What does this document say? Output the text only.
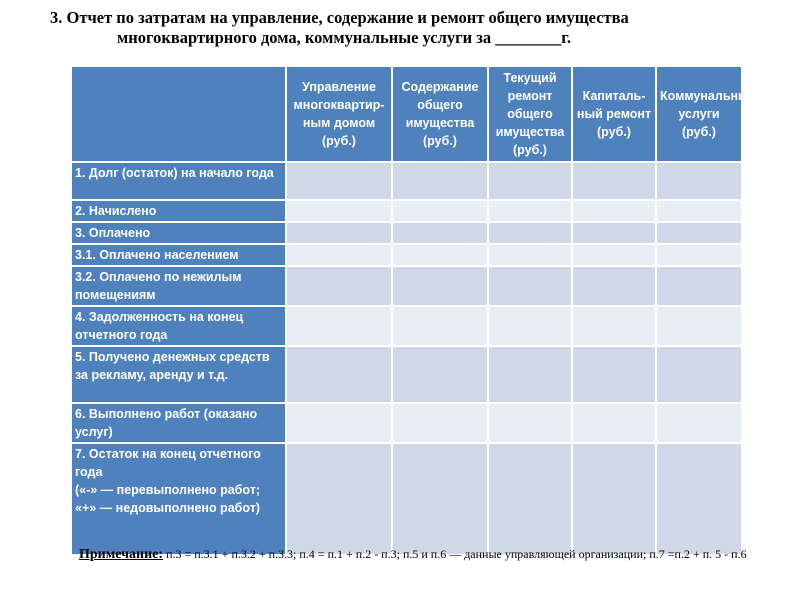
3. Отчет по затратам на управление, содержание и ремонт общего имущества
многоквартирного дома, коммунальные услуги за ________г.
	Управление многоквартир-ным домом (руб.)	Содержание общего имущества (руб.)	Текущий ремонт общего имущества (руб.)	Капиталь-ный ремонт (руб.)	Коммунальные услуги (руб.)
1. Долг (остаток) на начало года					
2. Начислено					
3. Оплачено					
3.1. Оплачено населением					
3.2. Оплачено по нежилым помещениям					
4. Задолженность на конец отчетного года					
5. Получено денежных средств за рекламу, аренду и т.д.					
6. Выполнено работ (оказано услуг)					
7. Остаток на конец отчетного года
(«-» — перевыполнено работ;
«+» — недовыполнено работ)					
Примечание: п.3 = п.3.1 + п.3.2 + п.3.3; п.4 = п.1 + п.2 - п.3; п.5 и п.6 — данные управляющей организации; п.7 =п.2 + п. 5 - п.6
